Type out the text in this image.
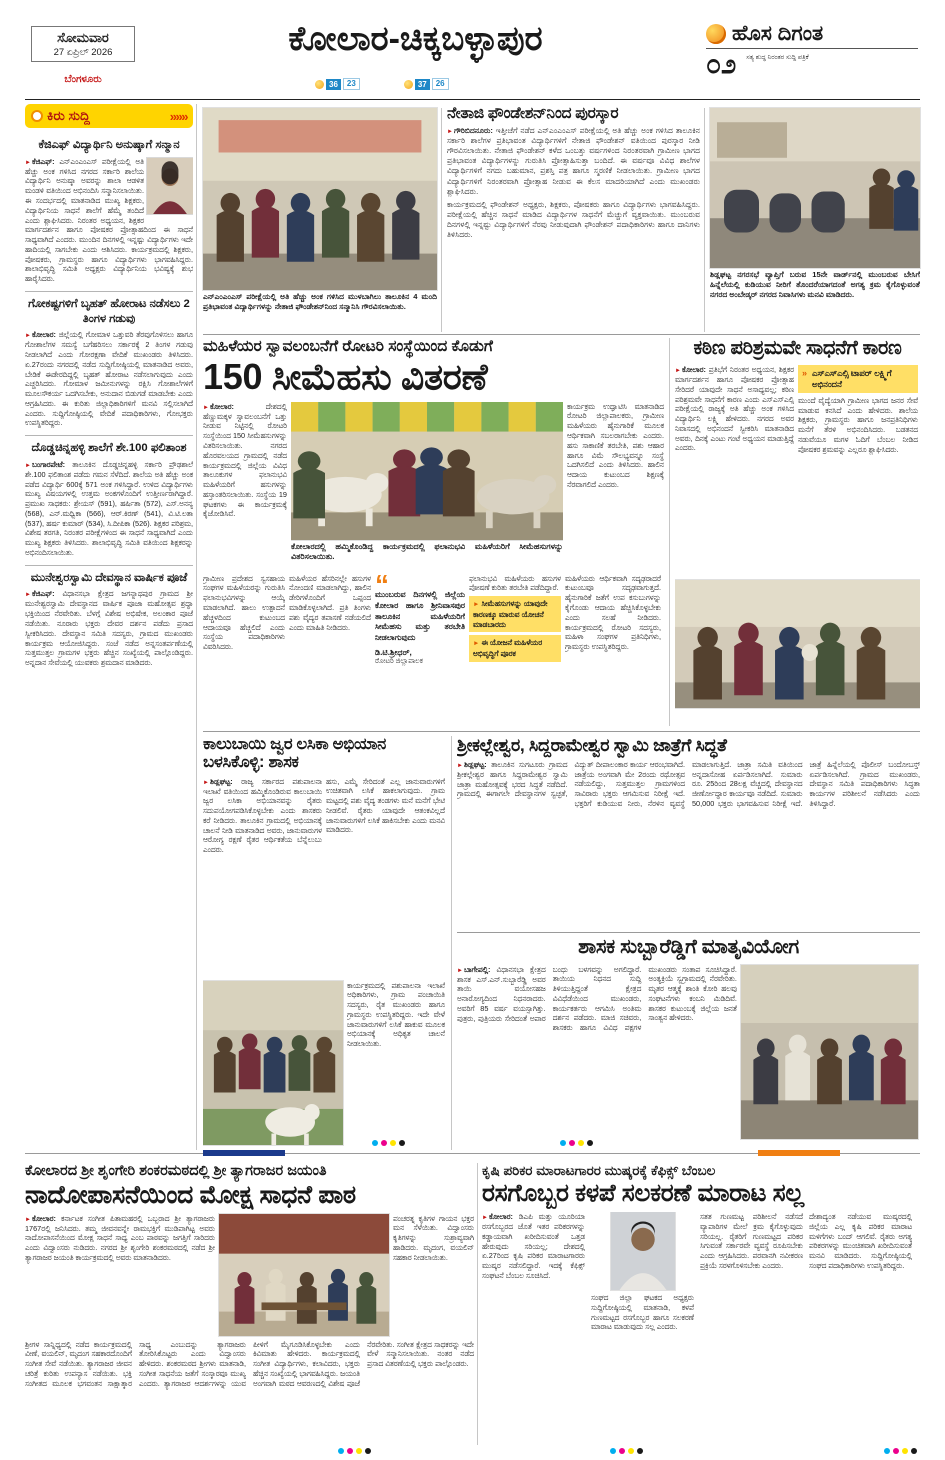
ಸೋಮವಾರ
27 ಏಪ್ರಿಲ್ 2026
ಬೆಂಗಳೂರು
ಕೋಲಾರ-ಚಿಕ್ಕಬಳ್ಳಾಪುರ
36	23	37	26
ಹೊಸ ದಿಗಂತ
೦೨ ಸತ್ಯ ಶುದ್ಧ ನಿರಂತರ ಸುದ್ದಿ ಪತ್ರಿಕೆ
ಕಿರು ಸುದ್ದಿ	»»»
ಕೆಜಿಎಫ್ ವಿದ್ಯಾರ್ಥಿನಿ ಅನುಷ್ಕಾಗೆ ಸನ್ಮಾನ
►ಕೆಜಿಎಫ್: ಎನ್ಎಂಎಂಎಸ್ ಪರೀಕ್ಷೆಯಲ್ಲಿ ಅತಿ ಹೆಚ್ಚು ಅಂಕ ಗಳಿಸಿದ ನಗರದ ಸರ್ಕಾರಿ ಶಾಲೆಯ ವಿದ್ಯಾರ್ಥಿನಿ ಅನುಷ್ಕಾ ಅವರನ್ನು ಶಾಲಾ ಆಡಳಿತ ಮಂಡಳಿ ವತಿಯಿಂದ ಅಭಿನಂದಿಸಿ ಸನ್ಮಾನಿಸಲಾಯಿತು. ಈ ಸಂದರ್ಭದಲ್ಲಿ ಮಾತನಾಡಿದ ಮುಖ್ಯ ಶಿಕ್ಷಕರು, ವಿದ್ಯಾರ್ಥಿನಿಯ ಸಾಧನೆ ಶಾಲೆಗೆ ಹೆಮ್ಮೆ ತಂದಿದೆ ಎಂದು ಶ್ಲಾಘಿಸಿದರು. ನಿರಂತರ ಅಧ್ಯಯನ, ಶಿಕ್ಷಕರ ಮಾರ್ಗದರ್ಶನ ಹಾಗೂ ಪೋಷಕರ ಪ್ರೋತ್ಸಾಹದಿಂದ ಈ ಸಾಧನೆ ಸಾಧ್ಯವಾಗಿದೆ ಎಂದರು. ಮುಂದಿನ ದಿನಗಳಲ್ಲಿ ಇನ್ನಷ್ಟು ವಿದ್ಯಾರ್ಥಿಗಳು ಇದೇ ಹಾದಿಯಲ್ಲಿ ಸಾಗಬೇಕು ಎಂದು ಆಶಿಸಿದರು. ಕಾರ್ಯಕ್ರಮದಲ್ಲಿ ಶಿಕ್ಷಕರು, ಪೋಷಕರು, ಗ್ರಾಮಸ್ಥರು ಹಾಗೂ ವಿದ್ಯಾರ್ಥಿಗಳು ಭಾಗವಹಿಸಿದ್ದರು. ಶಾಲಾಭಿವೃದ್ಧಿ ಸಮಿತಿ ಅಧ್ಯಕ್ಷರು ವಿದ್ಯಾರ್ಥಿನಿಯ ಭವಿಷ್ಯಕ್ಕೆ ಶುಭ ಹಾರೈಸಿದರು.
ಗೋಕಷ್ಟಗಳಿಗೆ ಬೃಹತ್ ಹೋರಾಟ ನಡೆಸಲು 2 ತಿಂಗಳ ಗಡುವು
►ಕೋಲಾರ: ಜಿಲ್ಲೆಯಲ್ಲಿ ಗೋಮಾಳ ಒತ್ತುವರಿ ತೆರವುಗೊಳಿಸಲು ಹಾಗೂ ಗೋಶಾಲೆಗಳ ಸಮಸ್ಯೆ ಬಗೆಹರಿಸಲು ಸರ್ಕಾರಕ್ಕೆ 2 ತಿಂಗಳ ಗಡುವು ನೀಡಲಾಗಿದೆ ಎಂದು ಗೋರಕ್ಷಣಾ ವೇದಿಕೆ ಮುಖಂಡರು ತಿಳಿಸಿದರು. ಏ.27ರಂದು ನಗರದಲ್ಲಿ ನಡೆದ ಸುದ್ದಿಗೋಷ್ಠಿಯಲ್ಲಿ ಮಾತನಾಡಿದ ಅವರು, ಬೇಡಿಕೆ ಈಡೇರದಿದ್ದಲ್ಲಿ ಬೃಹತ್ ಹೋರಾಟ ನಡೆಸಲಾಗುವುದು ಎಂದು ಎಚ್ಚರಿಸಿದರು. ಗೋಮಾಳ ಜಮೀನುಗಳನ್ನು ರಕ್ಷಿಸಿ ಗೋಶಾಲೆಗಳಿಗೆ ಮೂಲಸೌಕರ್ಯ ಒದಗಿಸಬೇಕು, ಅನುದಾನ ಬಿಡುಗಡೆ ಮಾಡಬೇಕು ಎಂದು ಆಗ್ರಹಿಸಿದರು. ಈ ಕುರಿತು ಜಿಲ್ಲಾಧಿಕಾರಿಗಳಿಗೆ ಮನವಿ ಸಲ್ಲಿಸಲಾಗಿದೆ ಎಂದರು. ಸುದ್ದಿಗೋಷ್ಠಿಯಲ್ಲಿ ವೇದಿಕೆ ಪದಾಧಿಕಾರಿಗಳು, ಗೋಭಕ್ತರು ಉಪಸ್ಥಿತರಿದ್ದರು.
ದೊಡ್ಡಚಿನ್ನಹಳ್ಳಿ ಶಾಲೆಗೆ ಶೇ.100 ಫಲಿತಾಂಶ
►ಬಂಗಾರಪೇಟೆ: ತಾಲೂಕಿನ ದೊಡ್ಡಚಿನ್ನಹಳ್ಳಿ ಸರ್ಕಾರಿ ಪ್ರೌಢಶಾಲೆ ಶೇ.100 ಫಲಿತಾಂಶ ಪಡೆದು ಗಮನ ಸೆಳೆದಿದೆ. ಶಾಲೆಯ ಅತಿ ಹೆಚ್ಚು ಅಂಕ ಪಡೆದ ವಿದ್ಯಾರ್ಥಿ 600ಕ್ಕೆ 571 ಅಂಕ ಗಳಿಸಿದ್ದಾರೆ. ಉಳಿದ ವಿದ್ಯಾರ್ಥಿಗಳು ಮುಖ್ಯ ವಿಷಯಗಳಲ್ಲಿ ಉತ್ತಮ ಅಂಕಗಳೊಂದಿಗೆ ಉತ್ತೀರ್ಣರಾಗಿದ್ದಾರೆ. ಪ್ರಮುಖ ಸಾಧಕರು: ಶ್ರೇಯಸ್ (591), ಹರ್ಷಿತಾ (572), ಎಸ್.ಅನನ್ಯ (568), ಎನ್.ಮಧ್ವಿಕಾ (566), ಆರ್.ಕಿರಣ್ (541), ವಿ.ಟಿ.ಲತಾ (537), ಹರ್ಷ ಕುಮಾರ್ (534), ಸಿ.ದೀಪಿಕಾ (526). ಶಿಕ್ಷಕರ ಪರಿಶ್ರಮ, ವಿಶೇಷ ತರಗತಿ, ನಿರಂತರ ಪರೀಕ್ಷೆಗಳಿಂದ ಈ ಸಾಧನೆ ಸಾಧ್ಯವಾಗಿದೆ ಎಂದು ಮುಖ್ಯ ಶಿಕ್ಷಕರು ತಿಳಿಸಿದರು. ಶಾಲಾಭಿವೃದ್ಧಿ ಸಮಿತಿ ವತಿಯಿಂದ ಶಿಕ್ಷಕರನ್ನು ಅಭಿನಂದಿಸಲಾಯಿತು.
ಮುನೇಶ್ವರಸ್ವಾಮಿ ದೇವಸ್ಥಾನ ವಾರ್ಷಿಕ ಪೂಜೆ
►ಕೆಜಿಎಫ್: ವಿಧಾನಸಭಾ ಕ್ಷೇತ್ರದ ಜಗನ್ನಾಥಪುರ ಗ್ರಾಮದ ಶ್ರೀ ಮುನೇಶ್ವರಸ್ವಾಮಿ ದೇವಸ್ಥಾನದ ವಾರ್ಷಿಕ ಪೂಜಾ ಮಹೋತ್ಸವ ಶ್ರದ್ಧಾ ಭಕ್ತಿಯಿಂದ ನೆರವೇರಿತು. ಬೆಳಗ್ಗೆ ವಿಶೇಷ ಅಭಿಷೇಕ, ಅಲಂಕಾರ ಪೂಜೆ ನಡೆಯಿತು. ನೂರಾರು ಭಕ್ತರು ದೇವರ ದರ್ಶನ ಪಡೆದು ಪ್ರಸಾದ ಸ್ವೀಕರಿಸಿದರು. ದೇವಸ್ಥಾನ ಸಮಿತಿ ಸದಸ್ಯರು, ಗ್ರಾಮದ ಮುಖಂಡರು ಕಾರ್ಯಕ್ರಮ ಆಯೋಜಿಸಿದ್ದರು. ಸಂಜೆ ನಡೆದ ಅನ್ನಸಂತರ್ಪಣೆಯಲ್ಲಿ ಸುತ್ತಮುತ್ತಲ ಗ್ರಾಮಗಳ ಭಕ್ತರು ಹೆಚ್ಚಿನ ಸಂಖ್ಯೆಯಲ್ಲಿ ಪಾಲ್ಗೊಂಡಿದ್ದರು. ಅನ್ನದಾನ ಸೇವೆಯಲ್ಲಿ ಯುವಕರು ಶ್ರಮದಾನ ಮಾಡಿದರು.
ಎನ್ಎಂಎಂಎಸ್ ಪರೀಕ್ಷೆಯಲ್ಲಿ ಅತಿ ಹೆಚ್ಚು ಅಂಕ ಗಳಿಸಿದ ಮುಳಬಾಗಿಲು ತಾಲೂಕಿನ 4 ಮಂದಿ ಪ್ರತಿಭಾವಂತ ವಿದ್ಯಾರ್ಥಿಗಳನ್ನು ನೇತಾಜಿ ಫೌಂಡೇಶನ್‌ನಿಂದ ಸನ್ಮಾನಿಸಿ ಗೌರವಿಸಲಾಯಿತು.
ನೇತಾಜಿ ಫೌಂಡೇಶನ್‌ನಿಂದ ಪುರಸ್ಕಾರ
►ಗೌರಿಬಿದನೂರು: ಇತ್ತೀಚೆಗೆ ನಡೆದ ಎನ್ಎಂಎಂಎಸ್ ಪರೀಕ್ಷೆಯಲ್ಲಿ ಅತಿ ಹೆಚ್ಚು ಅಂಕ ಗಳಿಸಿದ ತಾಲೂಕಿನ ಸರ್ಕಾರಿ ಶಾಲೆಗಳ ಪ್ರತಿಭಾವಂತ ವಿದ್ಯಾರ್ಥಿಗಳಿಗೆ ನೇತಾಜಿ ಫೌಂಡೇಶನ್ ವತಿಯಿಂದ ಪುರಸ್ಕಾರ ನೀಡಿ ಗೌರವಿಸಲಾಯಿತು. ನೇತಾಜಿ ಫೌಂಡೇಶನ್ ಕಳೆದ ಒಂಬತ್ತು ವರ್ಷಗಳಿಂದ ನಿರಂತರವಾಗಿ ಗ್ರಾಮೀಣ ಭಾಗದ ಪ್ರತಿಭಾವಂತ ವಿದ್ಯಾರ್ಥಿಗಳನ್ನು ಗುರುತಿಸಿ ಪ್ರೋತ್ಸಾಹಿಸುತ್ತಾ ಬಂದಿದೆ. ಈ ವರ್ಷವೂ ವಿವಿಧ ಶಾಲೆಗಳ ವಿದ್ಯಾರ್ಥಿಗಳಿಗೆ ನಗದು ಬಹುಮಾನ, ಪ್ರಶಸ್ತಿ ಪತ್ರ ಹಾಗೂ ಸ್ಮರಣಿಕೆ ನೀಡಲಾಯಿತು. ಗ್ರಾಮೀಣ ಭಾಗದ ವಿದ್ಯಾರ್ಥಿಗಳಿಗೆ ನಿರಂತರವಾಗಿ ಪ್ರೋತ್ಸಾಹ ನೀಡುವ ಈ ಕೆಲಸ ಮಾದರಿಯಾಗಿದೆ ಎಂದು ಮುಖಂಡರು ಶ್ಲಾಘಿಸಿದರು.
ಕಾರ್ಯಕ್ರಮದಲ್ಲಿ ಫೌಂಡೇಶನ್ ಅಧ್ಯಕ್ಷರು, ಶಿಕ್ಷಕರು, ಪೋಷಕರು ಹಾಗೂ ವಿದ್ಯಾರ್ಥಿಗಳು ಭಾಗವಹಿಸಿದ್ದರು. ಪರೀಕ್ಷೆಯಲ್ಲಿ ಹೆಚ್ಚಿನ ಸಾಧನೆ ಮಾಡಿದ ವಿದ್ಯಾರ್ಥಿಗಳ ಸಾಧನೆಗೆ ಮೆಚ್ಚುಗೆ ವ್ಯಕ್ತವಾಯಿತು. ಮುಂಬರುವ ದಿನಗಳಲ್ಲಿ ಇನ್ನಷ್ಟು ವಿದ್ಯಾರ್ಥಿಗಳಿಗೆ ನೆರವು ನೀಡುವುದಾಗಿ ಫೌಂಡೇಶನ್ ಪದಾಧಿಕಾರಿಗಳು ಹಾಗೂ ದಾನಿಗಳು ತಿಳಿಸಿದರು.
ಶಿಡ್ಲಘಟ್ಟ ನಗರಸಭೆ ವ್ಯಾಪ್ತಿಗೆ ಬರುವ 15ನೇ ವಾರ್ಡ್‌ನಲ್ಲಿ ಮುಂಬರುವ ಬೇಸಿಗೆ ಹಿನ್ನೆಲೆಯಲ್ಲಿ ಕುಡಿಯುವ ನೀರಿಗೆ ತೊಂದರೆಯಾಗದಂತೆ ಅಗತ್ಯ ಕ್ರಮ ಕೈಗೊಳ್ಳುವಂತೆ ನಗರದ ಅಂಬೇಡ್ಕರ್ ನಗರದ ನಿವಾಸಿಗಳು ಮನವಿ ಮಾಡಿದರು.
ಮಹಿಳೆಯರ ಸ್ವಾವಲಂಬನೆಗೆ ರೋಟರಿ ಸಂಸ್ಥೆಯಿಂದ ಕೊಡುಗೆ
150 ಸೀಮೆಹಸು ವಿತರಣೆ
►ಕೋಲಾರ:	ದೇಶದಲ್ಲಿ ಹೆಣ್ಣುಮಕ್ಕಳ ಸ್ವಾವಲಂಬನೆಗೆ ಒತ್ತು ನೀಡುವ ನಿಟ್ಟಿನಲ್ಲಿ ರೋಟರಿ ಸಂಸ್ಥೆಯಿಂದ 150 ಸೀಮೆಹಸುಗಳನ್ನು ವಿತರಿಸಲಾಯಿತು. ನಗರದ ಹೊರವಲಯದ ಗ್ರಾಮದಲ್ಲಿ ನಡೆದ ಕಾರ್ಯಕ್ರಮದಲ್ಲಿ ಜಿಲ್ಲೆಯ ವಿವಿಧ ತಾಲೂಕುಗಳ ಫಲಾನುಭವಿ ಮಹಿಳೆಯರಿಗೆ ಹಸುಗಳನ್ನು ಹಸ್ತಾಂತರಿಸಲಾಯಿತು. ಸಂಸ್ಥೆಯ 19 ಘಟಕಗಳು ಈ ಕಾರ್ಯಕ್ರಮಕ್ಕೆ ಕೈಜೋಡಿಸಿವೆ.
ಕೋಲಾರದಲ್ಲಿ ಹಮ್ಮಿಕೊಂಡಿದ್ದ ಕಾರ್ಯಕ್ರಮದಲ್ಲಿ ಫಲಾನುಭವಿ ಮಹಿಳೆಯರಿಗೆ ಸೀಮೆಹಸುಗಳನ್ನು ವಿತರಿಸಲಾಯಿತು.
ಕಾರ್ಯಕ್ರಮ ಉದ್ಘಾಟಿಸಿ ಮಾತನಾಡಿದ ರೋಟರಿ ಜಿಲ್ಲಾಪಾಲಕರು, ಗ್ರಾಮೀಣ ಮಹಿಳೆಯರು ಹೈನುಗಾರಿಕೆ ಮೂಲಕ ಆರ್ಥಿಕವಾಗಿ ಸಬಲರಾಗಬೇಕು ಎಂದರು. ಹಸು ಸಾಕಾಣಿಕೆ ತರಬೇತಿ, ಪಶು ಆಹಾರ ಹಾಗೂ ವಿಮೆ ಸೌಲಭ್ಯವನ್ನೂ ಸಂಸ್ಥೆ ಒದಗಿಸಲಿದೆ ಎಂದು ತಿಳಿಸಿದರು. ಹಾಲಿನ ಆದಾಯ ಕುಟುಂಬದ ಶಿಕ್ಷಣಕ್ಕೆ ನೆರವಾಗಲಿದೆ ಎಂದರು.
ಗ್ರಾಮೀಣ ಪ್ರದೇಶದ ಸ್ವಸಹಾಯ ಸಂಘಗಳ ಮಹಿಳೆಯರನ್ನು ಗುರುತಿಸಿ ಫಲಾನುಭವಿಗಳನ್ನು ಆಯ್ಕೆ ಮಾಡಲಾಗಿದೆ. ಹಾಲು ಉತ್ಪಾದನೆ ಹೆಚ್ಚಳದಿಂದ ಕುಟುಂಬದ ಆದಾಯವೂ ಹೆಚ್ಚಲಿದೆ ಎಂದು ಸಂಸ್ಥೆಯ ಪದಾಧಿಕಾರಿಗಳು ವಿವರಿಸಿದರು.
ಮಹಿಳೆಯರ ಹೆಸರಿನಲ್ಲೇ ಹಸುಗಳ ನೋಂದಣಿ ಮಾಡಲಾಗಿದ್ದು, ಹಾಲಿನ ಡೇರಿಗಳೊಂದಿಗೆ ಒಪ್ಪಂದ ಮಾಡಿಕೊಳ್ಳಲಾಗಿದೆ. ಪ್ರತಿ ತಿಂಗಳು ಪಶು ವೈದ್ಯರ ತಪಾಸಣೆ ನಡೆಯಲಿದೆ ಎಂದು ಮಾಹಿತಿ ನೀಡಿದರು.
“
ಮುಂಬರುವ ದಿನಗಳಲ್ಲಿ ಜಿಲ್ಲೆಯ ಕೋಲಾರ ಹಾಗೂ ಶ್ರೀನಿವಾಸಪುರ ತಾಲೂಕಿನ ಮಹಿಳೆಯರಿಗೆ ಸೀಮೆಹಸು ಮತ್ತು ತರಬೇತಿ ನೀಡಲಾಗುವುದು
ಡಿ.ಟಿ.ಶ್ರೀಧರ್,
ರೋಟರಿ ಜಿಲ್ಲಾಪಾಲಕ
ಫಲಾನುಭವಿ ಮಹಿಳೆಯರು ಹಸುಗಳ ಪೋಷಣೆ ಕುರಿತು ತರಬೇತಿ ಪಡೆದಿದ್ದಾರೆ.
► ಸೀಮೆಹಸುಗಳನ್ನು ಯಾವುದೇ ಕಾರಣಕ್ಕೂ ಮಾರುವ ಯೋಚನೆ ಮಾಡಬಾರದು
► ಈ ಯೋಜನೆ ಮಹಿಳೆಯರ ಅಭಿವೃದ್ಧಿಗೆ ಪೂರಕ
ಮಹಿಳೆಯರು ಆರ್ಥಿಕವಾಗಿ ಸದೃಢರಾದರೆ ಕುಟುಂಬವೂ ಸದೃಢವಾಗುತ್ತದೆ. ಹೈನುಗಾರಿಕೆ ಜತೆಗೆ ಉಪ ಕಸುಬುಗಳನ್ನು ಕೈಗೊಂಡು ಆದಾಯ ಹೆಚ್ಚಿಸಿಕೊಳ್ಳಬೇಕು ಎಂದು ಸಲಹೆ ನೀಡಿದರು. ಕಾರ್ಯಕ್ರಮದಲ್ಲಿ ರೋಟರಿ ಸದಸ್ಯರು, ಮಹಿಳಾ ಸಂಘಗಳ ಪ್ರತಿನಿಧಿಗಳು, ಗ್ರಾಮಸ್ಥರು ಉಪಸ್ಥಿತರಿದ್ದರು.
ಕಠಿಣ ಪರಿಶ್ರಮವೇ ಸಾಧನೆಗೆ ಕಾರಣ
►ಕೋಲಾರ: ಪ್ರತಿಭೆಗೆ ನಿರಂತರ ಅಧ್ಯಯನ, ಶಿಕ್ಷಕರ ಮಾರ್ಗದರ್ಶನ ಹಾಗೂ ಪೋಷಕರ ಪ್ರೋತ್ಸಾಹ ಸೇರಿದರೆ ಯಾವುದೇ ಸಾಧನೆ ಅಸಾಧ್ಯವಲ್ಲ; ಕಠಿಣ ಪರಿಶ್ರಮವೇ ಸಾಧನೆಗೆ ಕಾರಣ ಎಂದು ಎಸ್ಎಸ್ಎಲ್ಸಿ ಪರೀಕ್ಷೆಯಲ್ಲಿ ರಾಜ್ಯಕ್ಕೆ ಅತಿ ಹೆಚ್ಚು ಅಂಕ ಗಳಿಸಿದ ವಿದ್ಯಾರ್ಥಿನಿ ಲಕ್ಷ್ಮಿ ಹೇಳಿದರು. ನಗರದ ಅವರ ನಿವಾಸದಲ್ಲಿ ಅಭಿನಂದನೆ ಸ್ವೀಕರಿಸಿ ಮಾತನಾಡಿದ ಅವರು, ದಿನಕ್ಕೆ ಎಂಟು ಗಂಟೆ ಅಧ್ಯಯನ ಮಾಡುತ್ತಿದ್ದೆ ಎಂದರು.
» ಎಸ್ಎಸ್ಎಲ್ಸಿ ಟಾಪರ್ ಲಕ್ಷ್ಮಿಗೆ ಅಭಿನಂದನೆ
ಮುಂದೆ ವೈದ್ಯೆಯಾಗಿ ಗ್ರಾಮೀಣ ಭಾಗದ ಜನರ ಸೇವೆ ಮಾಡುವ ಕನಸಿದೆ ಎಂದು ಹೇಳಿದರು. ಶಾಲೆಯ ಶಿಕ್ಷಕರು, ಗ್ರಾಮಸ್ಥರು ಹಾಗೂ ಜನಪ್ರತಿನಿಧಿಗಳು ಮನೆಗೆ ತೆರಳಿ ಅಭಿನಂದಿಸಿದರು. ಬಡತನದ ನಡುವೆಯೂ ಮಗಳ ಓದಿಗೆ ಬೆಂಬಲ ನೀಡಿದ ಪೋಷಕರ ಶ್ರಮವನ್ನು ಎಲ್ಲರೂ ಶ್ಲಾಘಿಸಿದರು.
ಕಾಲುಬಾಯಿ ಜ್ವರ ಲಸಿಕಾ ಅಭಿಯಾನ ಬಳಸಿಕೊಳ್ಳಿ: ಶಾಸಕ
►ಶಿಡ್ಲಘಟ್ಟ: ರಾಜ್ಯ ಸರ್ಕಾರದ ಪಶುಪಾಲನಾ ಇಲಾಖೆ ವತಿಯಿಂದ ಹಮ್ಮಿಕೊಂಡಿರುವ ಕಾಲುಬಾಯಿ ಜ್ವರ ಲಸಿಕಾ ಅಭಿಯಾನವನ್ನು ರೈತರು ಸದುಪಯೋಗಪಡಿಸಿಕೊಳ್ಳಬೇಕು ಎಂದು ಶಾಸಕರು ಕರೆ ನೀಡಿದರು. ತಾಲೂಕಿನ ಗ್ರಾಮದಲ್ಲಿ ಅಭಿಯಾನಕ್ಕೆ ಚಾಲನೆ ನೀಡಿ ಮಾತನಾಡಿದ ಅವರು, ಜಾನುವಾರುಗಳ ಆರೋಗ್ಯ ರಕ್ಷಣೆ ರೈತರ ಆರ್ಥಿಕತೆಯ ಬೆನ್ನೆಲುಬು ಎಂದರು.
ಹಸು, ಎಮ್ಮೆ ಸೇರಿದಂತೆ ಎಲ್ಲ ಜಾನುವಾರುಗಳಿಗೆ ಉಚಿತವಾಗಿ ಲಸಿಕೆ ಹಾಕಲಾಗುವುದು. ಗ್ರಾಮ ಮಟ್ಟದಲ್ಲಿ ಪಶು ವೈದ್ಯ ತಂಡಗಳು ಮನೆ ಮನೆಗೆ ಭೇಟಿ ನೀಡಲಿವೆ. ರೈತರು ಯಾವುದೇ ಆತಂಕವಿಲ್ಲದೆ ಜಾನುವಾರುಗಳಿಗೆ ಲಸಿಕೆ ಹಾಕಿಸಬೇಕು ಎಂದು ಮನವಿ ಮಾಡಿದರು.
ಕಾರ್ಯಕ್ರಮದಲ್ಲಿ ಪಶುಪಾಲನಾ ಇಲಾಖೆ ಅಧಿಕಾರಿಗಳು, ಗ್ರಾಮ ಪಂಚಾಯಿತಿ ಸದಸ್ಯರು, ರೈತ ಮುಖಂಡರು ಹಾಗೂ ಗ್ರಾಮಸ್ಥರು ಉಪಸ್ಥಿತರಿದ್ದರು. ಇದೇ ವೇಳೆ ಜಾನುವಾರುಗಳಿಗೆ ಲಸಿಕೆ ಹಾಕುವ ಮೂಲಕ ಅಭಿಯಾನಕ್ಕೆ ಅಧಿಕೃತ ಚಾಲನೆ ನೀಡಲಾಯಿತು.
ಶ್ರೀಕಲ್ಲೇಶ್ವರ, ಸಿದ್ದರಾಮೇಶ್ವರ ಸ್ವಾಮಿ ಜಾತ್ರೆಗೆ ಸಿದ್ಧತೆ
►ಶಿಡ್ಲಘಟ್ಟ: ತಾಲೂಕಿನ ಸುಗಟೂರು ಗ್ರಾಮದ ಶ್ರೀಕಲ್ಲೇಶ್ವರ ಹಾಗೂ ಸಿದ್ದರಾಮೇಶ್ವರ ಸ್ವಾಮಿ ಜಾತ್ರಾ ಮಹೋತ್ಸವಕ್ಕೆ ಭರದ ಸಿದ್ಧತೆ ನಡೆದಿದೆ. ಗ್ರಾಮದಲ್ಲಿ ಈಗಾಗಲೇ ದೇವಸ್ಥಾನಗಳ ಸ್ವಚ್ಛತೆ, ವಿದ್ಯುತ್ ದೀಪಾಲಂಕಾರ ಕಾರ್ಯ ಆರಂಭವಾಗಿದೆ. ಜಾತ್ರೆಯ ಅಂಗವಾಗಿ ಮೇ 2ರಂದು ರಥೋತ್ಸವ ನಡೆಯಲಿದ್ದು, ಸುತ್ತಮುತ್ತಲ ಗ್ರಾಮಗಳಿಂದ ಸಾವಿರಾರು ಭಕ್ತರು ಆಗಮಿಸುವ ನಿರೀಕ್ಷೆ ಇದೆ. ಭಕ್ತರಿಗೆ ಕುಡಿಯುವ ನೀರು, ನೆರಳಿನ ವ್ಯವಸ್ಥೆ ಮಾಡಲಾಗುತ್ತಿದೆ. ಜಾತ್ರಾ ಸಮಿತಿ ವತಿಯಿಂದ ಅನ್ನದಾಸೋಹ ಏರ್ಪಡಿಸಲಾಗಿದೆ. ಸುಮಾರು ರೂ. 25ರಿಂದ 28ಲಕ್ಷ ವೆಚ್ಚದಲ್ಲಿ ದೇವಸ್ಥಾನದ ಜೀರ್ಣೋದ್ಧಾರ ಕಾರ್ಯವೂ ನಡೆದಿದೆ. ಸುಮಾರು 50,000 ಭಕ್ತರು ಭಾಗವಹಿಸುವ ನಿರೀಕ್ಷೆ ಇದೆ. ಜಾತ್ರೆ ಹಿನ್ನೆಲೆಯಲ್ಲಿ ಪೊಲೀಸ್ ಬಂದೋಬಸ್ತ್ ಏರ್ಪಡಿಸಲಾಗಿದೆ. ಗ್ರಾಮದ ಮುಖಂಡರು, ದೇವಸ್ಥಾನ ಸಮಿತಿ ಪದಾಧಿಕಾರಿಗಳು ಸಿದ್ಧತಾ ಕಾರ್ಯಗಳ ಪರಿಶೀಲನೆ ನಡೆಸಿದರು ಎಂದು ತಿಳಿಸಿದ್ದಾರೆ.
ಶಾಸಕ ಸುಬ್ಬಾರೆಡ್ಡಿಗೆ ಮಾತೃವಿಯೋಗ
►ಬಾಗೇಪಲ್ಲಿ: ವಿಧಾನಸಭಾ ಕ್ಷೇತ್ರದ ಶಾಸಕ ಎಸ್.ಎನ್.ಸುಬ್ಬಾರೆಡ್ಡಿ ಅವರ ತಾಯಿ ವಯೋಸಹಜ ಅನಾರೋಗ್ಯದಿಂದ ನಿಧನರಾದರು. ಅವರಿಗೆ 85 ವರ್ಷ ವಯಸ್ಸಾಗಿತ್ತು. ಪುತ್ರರು, ಪುತ್ರಿಯರು ಸೇರಿದಂತೆ ಅಪಾರ ಬಂಧು ಬಳಗವನ್ನು ಅಗಲಿದ್ದಾರೆ. ತಾಯಿಯ ನಿಧನದ ಸುದ್ದಿ ತಿಳಿಯುತ್ತಿದ್ದಂತೆ ಕ್ಷೇತ್ರದ ವಿವಿಧೆಡೆಯಿಂದ ಮುಖಂಡರು, ಕಾರ್ಯಕರ್ತರು ಆಗಮಿಸಿ ಅಂತಿಮ ದರ್ಶನ ಪಡೆದರು. ಮಾಜಿ ಸಚಿವರು, ಶಾಸಕರು ಹಾಗೂ ವಿವಿಧ ಪಕ್ಷಗಳ ಮುಖಂಡರು ಸಂತಾಪ ಸೂಚಿಸಿದ್ದಾರೆ. ಅಂತ್ಯಕ್ರಿಯೆ ಸ್ವಗ್ರಾಮದಲ್ಲಿ ನೆರವೇರಿತು. ಮೃತರ ಆತ್ಮಕ್ಕೆ ಶಾಂತಿ ಕೋರಿ ಹಲವು ಸಂಘಟನೆಗಳು ಕಂಬನಿ ಮಿಡಿದಿವೆ. ಶಾಸಕರ ಕುಟುಂಬಕ್ಕೆ ಜಿಲ್ಲೆಯ ಜನತೆ ಸಾಂತ್ವನ ಹೇಳಿದರು.
ಕೋಲಾರದ ಶ್ರೀ ಶೃಂಗೇರಿ ಶಂಕರಮಠದಲ್ಲಿ ಶ್ರೀ ತ್ಯಾಗರಾಜರ ಜಯಂತಿ
ನಾದೋಪಾಸನೆಯಿಂದ ಮೋಕ್ಷ ಸಾಧನೆ ಪಾಠ
►ಕೋಲಾರ: ಕರ್ನಾಟಕ ಸಂಗೀತ ಪಿತಾಮಹರಲ್ಲಿ ಒಬ್ಬರಾದ ಶ್ರೀ ತ್ಯಾಗರಾಜರು 1767ರಲ್ಲಿ ಜನಿಸಿದರು. ತಮ್ಮ ಜೀವನವನ್ನೇ ರಾಮಭಕ್ತಿಗೆ ಮುಡಿಪಾಗಿಟ್ಟ ಅವರು ನಾದೋಪಾಸನೆಯಿಂದ ಮೋಕ್ಷ ಸಾಧನೆ ಸಾಧ್ಯ ಎಂಬ ಪಾಠವನ್ನು ಜಗತ್ತಿಗೆ ಸಾರಿದರು ಎಂದು ವಿದ್ವಾಂಸರು ನುಡಿದರು. ನಗರದ ಶ್ರೀ ಶೃಂಗೇರಿ ಶಂಕರಮಠದಲ್ಲಿ ನಡೆದ ಶ್ರೀ ತ್ಯಾಗರಾಜರ ಜಯಂತಿ ಕಾರ್ಯಕ್ರಮದಲ್ಲಿ ಅವರು ಮಾತನಾಡಿದರು.
ಪಂಚರತ್ನ ಕೃತಿಗಳ ಗಾಯನ ಭಕ್ತರ ಮನ ಸೆಳೆಯಿತು. ವಿದ್ವಾಂಸರು ಕೃತಿಗಳನ್ನು ಸುಶ್ರಾವ್ಯವಾಗಿ ಹಾಡಿದರು. ಮೃದಂಗ, ವಯಲಿನ್ ಸಹಕಾರ ನೀಡಲಾಯಿತು.
ಶ್ರೀಗಳ ಸಾನ್ನಿಧ್ಯದಲ್ಲಿ ನಡೆದ ಕಾರ್ಯಕ್ರಮದಲ್ಲಿ ವೀಣೆ, ವಯಲಿನ್, ಮೃದಂಗ ಸಹಕಾರದೊಂದಿಗೆ ಸಂಗೀತ ಸೇವೆ ನಡೆಯಿತು. ತ್ಯಾಗರಾಜರ ಜೀವನ ಚರಿತ್ರೆ ಕುರಿತು ಉಪನ್ಯಾಸ ನಡೆಯಿತು. ಭಕ್ತಿ ಸಂಗೀತದ ಮೂಲಕ ಭಗವಂತನ ಸಾಕ್ಷಾತ್ಕಾರ ಸಾಧ್ಯ ಎಂಬುದನ್ನು ತ್ಯಾಗರಾಜರು ತೋರಿಸಿಕೊಟ್ಟರು ಎಂದು ವಿದ್ವಾಂಸರು ಹೇಳಿದರು. ಶಂಕರಮಠದ ಶ್ರೀಗಳು ಮಾತನಾಡಿ, ಸಂಗೀತ ಸಾಧನೆಯ ಜತೆಗೆ ಸಂಸ್ಕಾರವೂ ಮುಖ್ಯ ಎಂದರು. ತ್ಯಾಗರಾಜರ ಆದರ್ಶಗಳನ್ನು ಯುವ ಪೀಳಿಗೆ ಮೈಗೂಡಿಸಿಕೊಳ್ಳಬೇಕು ಎಂದು ಕಿವಿಮಾತು ಹೇಳಿದರು. ಕಾರ್ಯಕ್ರಮದಲ್ಲಿ ಸಂಗೀತ ವಿದ್ಯಾರ್ಥಿಗಳು, ಕಲಾವಿದರು, ಭಕ್ತರು ಹೆಚ್ಚಿನ ಸಂಖ್ಯೆಯಲ್ಲಿ ಭಾಗವಹಿಸಿದ್ದರು. ಜಯಂತಿ ಅಂಗವಾಗಿ ಮಠದ ಆವರಣದಲ್ಲಿ ವಿಶೇಷ ಪೂಜೆ ನೆರವೇರಿತು. ಸಂಗೀತ ಕ್ಷೇತ್ರದ ಸಾಧಕರನ್ನು ಇದೇ ವೇಳೆ ಸನ್ಮಾನಿಸಲಾಯಿತು. ನಂತರ ನಡೆದ ಪ್ರಸಾದ ವಿತರಣೆಯಲ್ಲಿ ಭಕ್ತರು ಪಾಲ್ಗೊಂಡರು.
ಕೃಷಿ ಪರಿಕರ ಮಾರಾಟಗಾರರ ಮುಷ್ಕರಕ್ಕೆ ಕೆಫಿಕ್ಸ್ ಬೆಂಬಲ
ರಸಗೊಬ್ಬರ ಕಳಪೆ ಸಲಕರಣೆ ಮಾರಾಟ ಸಲ್ಲ
►ಕೋಲಾರ: ಡಿಎಪಿ ಮತ್ತು ಯೂರಿಯಾ ರಸಗೊಬ್ಬರದ ಜೊತೆ ಇತರ ಪರಿಕರಗಳನ್ನು ಕಡ್ಡಾಯವಾಗಿ ಖರೀದಿಸುವಂತೆ ಒತ್ತಡ ಹೇರುವುದು ಸರಿಯಲ್ಲ; ದೇಶದಲ್ಲಿ ಏ.27ರಿಂದ ಕೃಷಿ ಪರಿಕರ ಮಾರಾಟಗಾರರು ಮುಷ್ಕರ ನಡೆಸಲಿದ್ದಾರೆ. ಇದಕ್ಕೆ ಕೆಫಿಕ್ಸ್ ಸಂಘಟನೆ ಬೆಂಬಲ ಸೂಚಿಸಿದೆ.
ಸಂಘದ ಜಿಲ್ಲಾ ಘಟಕದ ಅಧ್ಯಕ್ಷರು ಸುದ್ದಿಗೋಷ್ಠಿಯಲ್ಲಿ ಮಾತನಾಡಿ, ಕಳಪೆ ಗುಣಮಟ್ಟದ ರಸಗೊಬ್ಬರ ಹಾಗೂ ಸಲಕರಣೆ ಮಾರಾಟ ಮಾಡುವುದು ಸಲ್ಲ ಎಂದರು.
ಸತತ ಗುಣಮಟ್ಟ ಪರಿಶೀಲನೆ ನಡೆಸದೆ ವ್ಯಾಪಾರಿಗಳ ಮೇಲೆ ಕ್ರಮ ಕೈಗೊಳ್ಳುವುದು ಸರಿಯಲ್ಲ. ರೈತರಿಗೆ ಗುಣಮಟ್ಟದ ಪರಿಕರ ಸಿಗುವಂತೆ ಸರ್ಕಾರವೇ ವ್ಯವಸ್ಥೆ ರೂಪಿಸಬೇಕು ಎಂದು ಆಗ್ರಹಿಸಿದರು. ಪರವಾನಗಿ ನವೀಕರಣ ಪ್ರಕ್ರಿಯೆ ಸರಳಗೊಳಿಸಬೇಕು ಎಂದರು.
ದೇಶಾದ್ಯಂತ ನಡೆಯುವ ಮುಷ್ಕರದಲ್ಲಿ ಜಿಲ್ಲೆಯ ಎಲ್ಲ ಕೃಷಿ ಪರಿಕರ ಮಾರಾಟ ಮಳಿಗೆಗಳು ಬಂದ್ ಆಗಲಿವೆ. ರೈತರು ಅಗತ್ಯ ಪರಿಕರಗಳನ್ನು ಮುಂಚಿತವಾಗಿ ಖರೀದಿಸುವಂತೆ ಮನವಿ ಮಾಡಿದರು. ಸುದ್ದಿಗೋಷ್ಠಿಯಲ್ಲಿ ಸಂಘದ ಪದಾಧಿಕಾರಿಗಳು ಉಪಸ್ಥಿತರಿದ್ದರು.
